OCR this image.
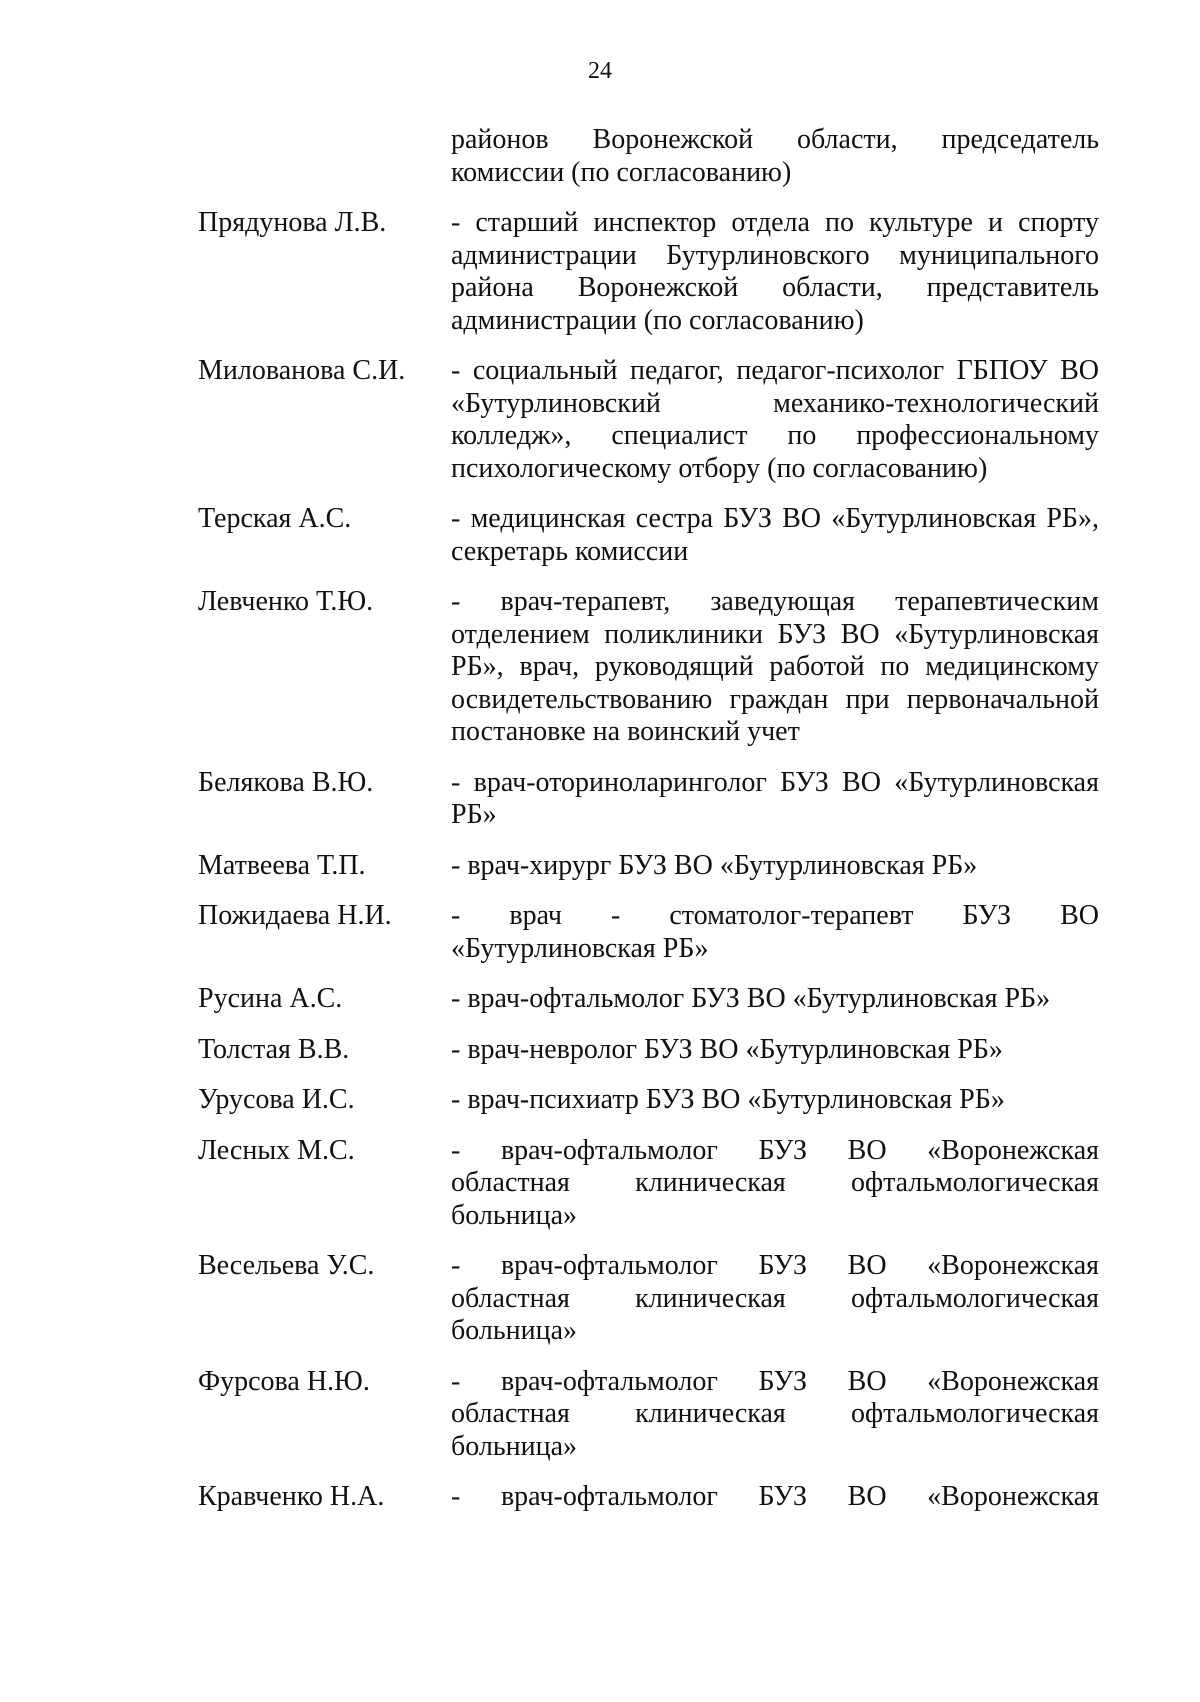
24
районов Воронежской области, председатель
комиссии (по согласованию)
Прядунова Л.В. - старший инспектор отдела по культуре и спорту
администрации Бутурлиновского муниципального
района Воронежской области, представитель
администрации (по согласованию)
Милованова С.И. - социальный педагог, педагог-психолог ГБПОУ ВО
«Бутурлиновский механико-технологический
колледж», специалист по профессиональному
психологическому отбору (по согласованию)
Терская А.С.	- медицинская сестра БУЗ ВО «Бутурлиновская РБ»,
секретарь комиссии
Левченко Т.Ю.	- врач-терапевт, заведующая терапевтическим
отделением поликлиники БУЗ ВО «Бутурлиновская
РБ», врач, руководящий работой по медицинскому
освидетельствованию граждан при первоначальной
постановке на воинский учет
Белякова В.Ю.	- врач-оториноларинголог БУЗ ВО «Бутурлиновская
РБ»
Матвеева Т.П.	- врач-хирург БУЗ ВО «Бутурлиновская РБ»
Пожидаева Н.И. - врач - стоматолог-терапевт БУЗ ВО
«Бутурлиновская РБ»
Русина А.С.	- врач-офтальмолог БУЗ ВО «Бутурлиновская РБ»
Толстая В.В.	- врач-невролог БУЗ ВО «Бутурлиновская РБ»
Урусова И.С.	- врач-психиатр БУЗ ВО «Бутурлиновская РБ»
Лесных М.С.	- врач-офтальмолог БУЗ ВО «Воронежская
областная клиническая офтальмологическая
больница»
Весельева У.С.	- врач-офтальмолог БУЗ ВО «Воронежская
областная клиническая офтальмологическая
больница»
Фурсова Н.Ю.	- врач-офтальмолог БУЗ ВО «Воронежская
областная клиническая офтальмологическая
больница»
Кравченко Н.А. - врач-офтальмолог БУЗ ВО «Воронежская
